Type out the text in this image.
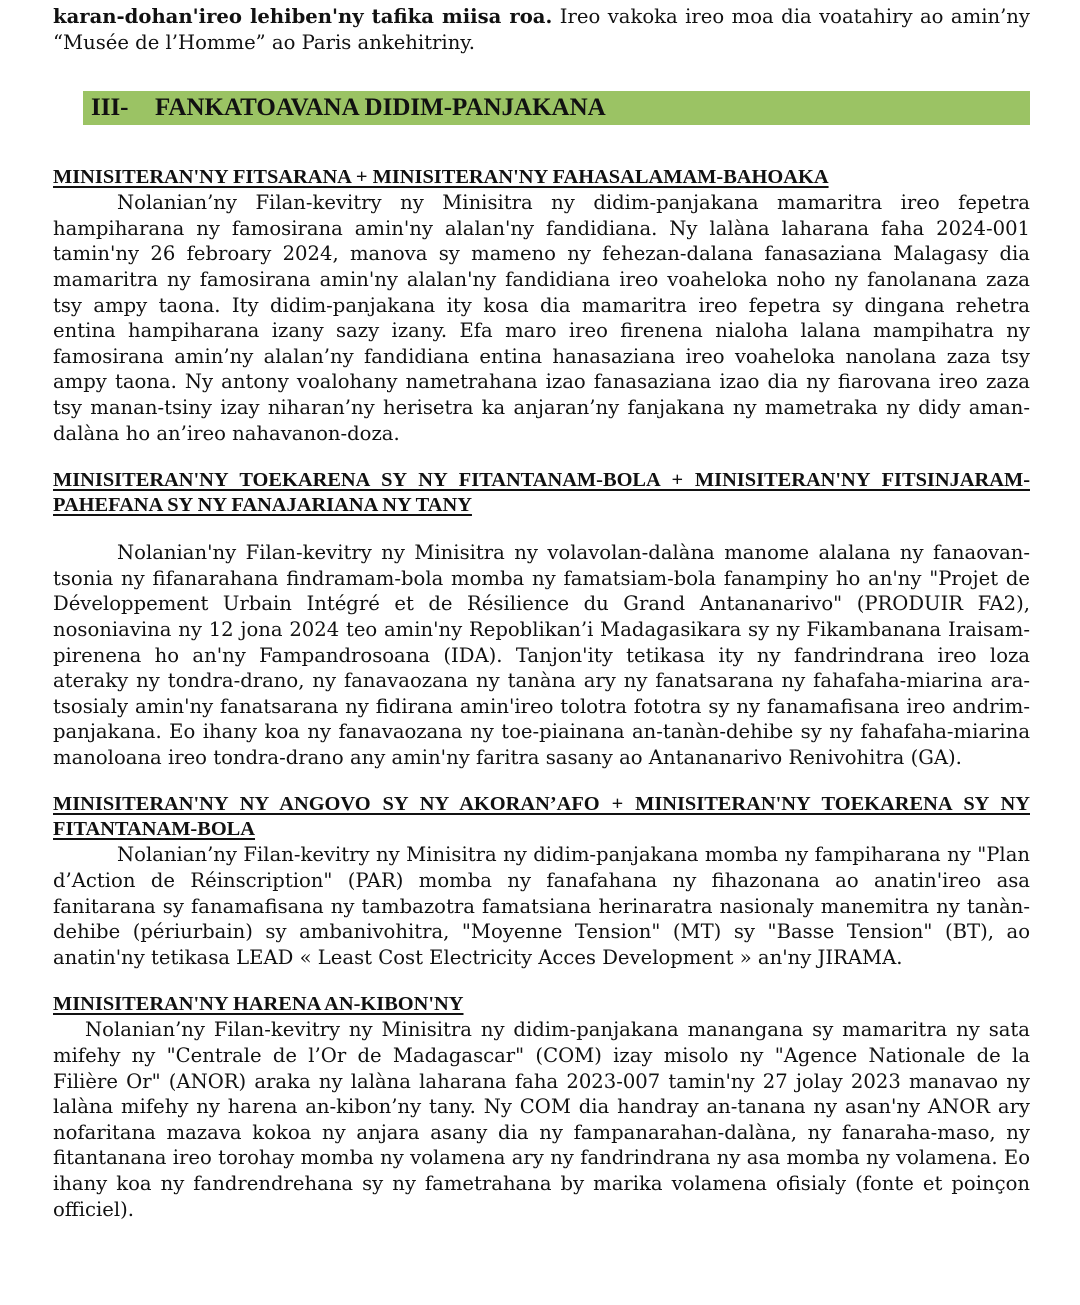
karan-dohan'ireo lehiben'ny tafika miisa roa. Ireo vakoka ireo moa dia voatahiry ao amin’ny “Musée de l’Homme” ao Paris ankehitriny.

III-	FANKATOAVANA DIDIM-PANJAKANA
MINISITERAN'NY FITSARANA + MINISITERAN'NY FAHASALAMAM-BAHOAKA

Nolanian’ny Filan-kevitry ny Minisitra ny didim-panjakana mamaritra ireo fepetra hampiharana ny famosirana amin'ny alalan'ny fandidiana. Ny lalàna laharana faha 2024-001 tamin'ny 26 febroary 2024, manova sy mameno ny fehezan-dalana fanasaziana Malagasy dia mamaritra ny famosirana amin'ny alalan'ny fandidiana ireo voaheloka noho ny fanolanana zaza tsy ampy taona. Ity didim-panjakana ity kosa dia mamaritra ireo fepetra sy dingana rehetra entina hampiharana izany sazy izany. Efa maro ireo firenena nialoha lalana mampihatra ny famosirana amin’ny alalan’ny fandidiana entina hanasaziana ireo voaheloka nanolana zaza tsy ampy taona. Ny antony voalohany nametrahana izao fanasaziana izao dia ny fiarovana ireo zaza tsy manan-tsiny izay niharan’ny herisetra ka anjaran’ny fanjakana ny mametraka ny didy aman-dalàna ho an’ireo nahavanon-doza.

MINISITERAN'NY TOEKARENA SY NY FITANTANAM-BOLA + MINISITERAN'NY FITSINJARAM-PAHEFANA SY NY FANAJARIANA NY TANY

Nolanian'ny Filan-kevitry ny Minisitra ny volavolan-dalàna manome alalana ny fanaovan-tsonia ny fifanarahana findramam-bola momba ny famatsiam-bola fanampiny ho an'ny "Projet de Développement Urbain Intégré et de Résilience du Grand Antananarivo" (PRODUIR FA2), nosoniavina ny 12 jona 2024 teo amin'ny Repoblikan’i Madagasikara sy ny Fikambanana Iraisam-pirenena ho an'ny Fampandrosoana (IDA). Tanjon'ity tetikasa ity ny fandrindrana ireo loza ateraky ny tondra-drano, ny fanavaozana ny tanàna ary ny fanatsarana ny fahafaha-miarina ara-tsosialy amin'ny fanatsarana ny fidirana amin'ireo tolotra fototra sy ny fanamafisana ireo andrim-panjakana. Eo ihany koa ny fanavaozana ny toe-piainana an-tanàn-dehibe sy ny fahafaha-miarina manoloana ireo tondra-drano any amin'ny faritra sasany ao Antananarivo Renivohitra (GA).

MINISITERAN'NY NY ANGOVO SY NY AKORAN’AFO + MINISITERAN'NY TOEKARENA SY NY FITANTANAM-BOLA

Nolanian’ny Filan-kevitry ny Minisitra ny didim-panjakana momba ny fampiharana ny "Plan d’Action de Réinscription" (PAR) momba ny fanafahana ny fihazonana ao anatin'ireo asa fanitarana sy fanamafisana ny tambazotra famatsiana herinaratra nasionaly manemitra ny tanàn-dehibe (périurbain) sy ambanivohitra, "Moyenne Tension" (MT) sy "Basse Tension" (BT), ao anatin'ny tetikasa LEAD « Least Cost Electricity Acces Development » an'ny JIRAMA.

MINISITERAN'NY HARENA AN-KIBON'NY

Nolanian’ny Filan-kevitry ny Minisitra ny didim-panjakana manangana sy mamaritra ny sata mifehy ny "Centrale de l’Or de Madagascar" (COM) izay misolo ny "Agence Nationale de la Filière Or" (ANOR) araka ny lalàna laharana faha 2023-007 tamin'ny 27 jolay 2023 manavao ny lalàna mifehy ny harena an-kibon’ny tany. Ny COM dia handray an-tanana ny asan'ny ANOR ary nofaritana mazava kokoa ny anjara asany dia ny fampanarahan-dalàna, ny fanaraha-maso, ny fitantanana ireo torohay momba ny volamena ary ny fandrindrana ny asa momba ny volamena. Eo ihany koa ny fandrendrehana sy ny fametrahana by marika volamena ofisialy (fonte et poinçon officiel).
